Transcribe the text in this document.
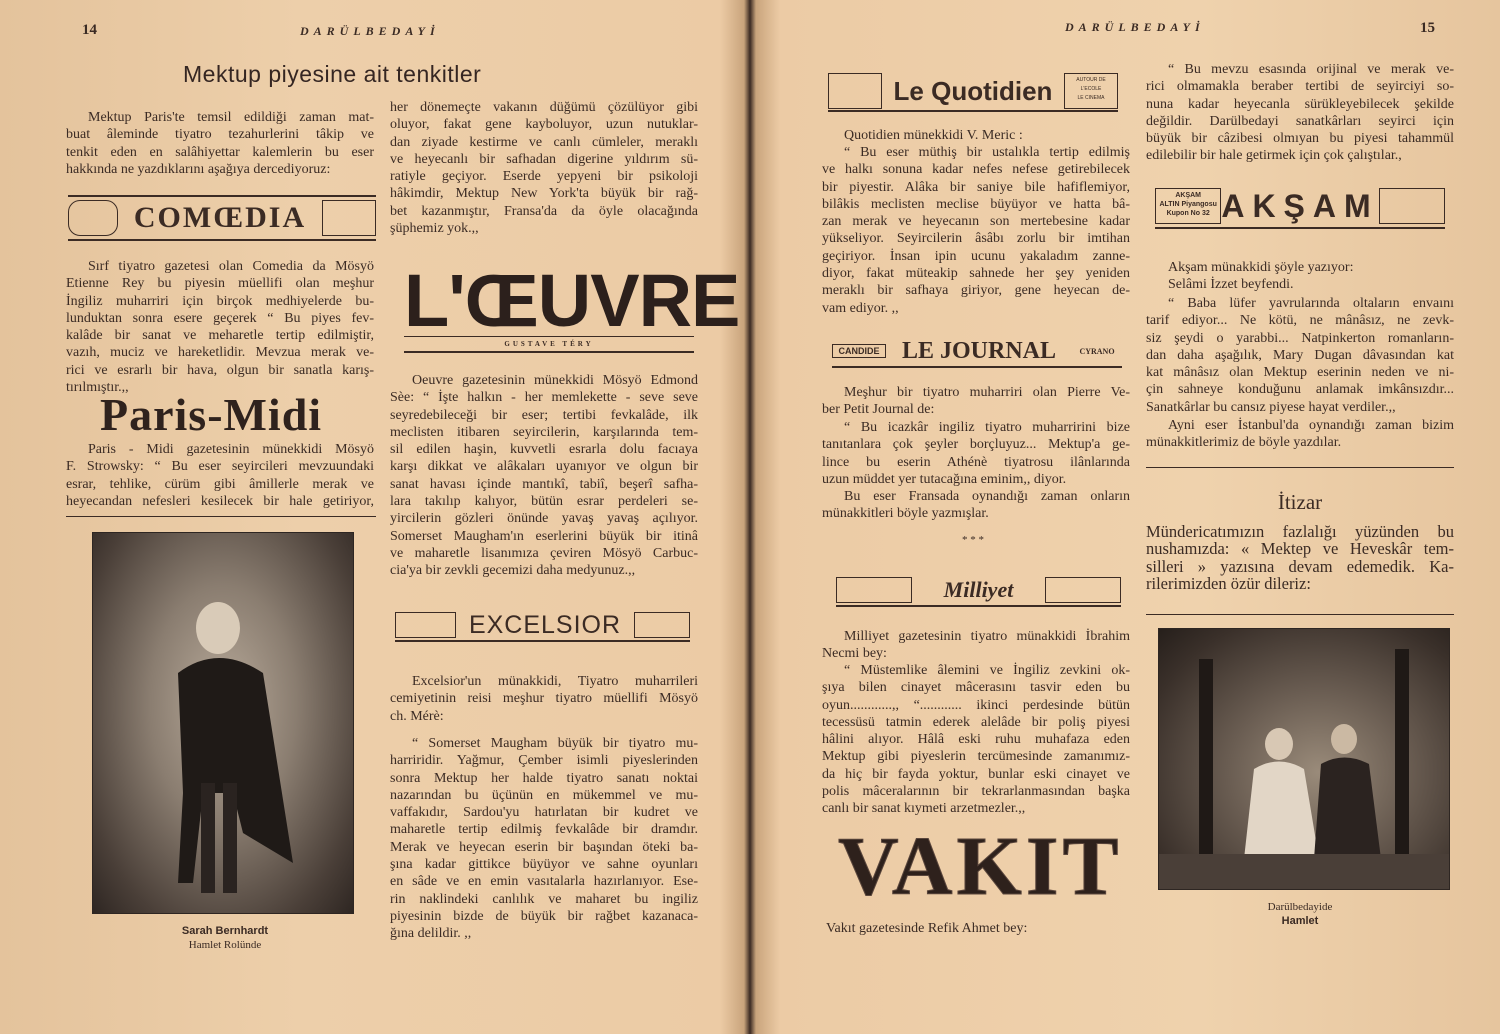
14	DARÜLBEDAYİ
Mektup piyesine ait tenkitler
Mektup Paris'te temsil edildiği zaman mat-
buat âleminde tiyatro tezahurlerini tâkip ve
tenkit eden en salâhiyettar kalemlerin bu eser
hakkında ne yazdıklarını aşağıya dercediyoruz:
COMŒDIA
Sırf tiyatro gazetesi olan Comedia da Mösyö
Etienne Rey bu piyesin müellifi olan meşhur
İngiliz muharriri için birçok medhiyelerde bu-
lunduktan sonra esere geçerek “ Bu piyes fev-
kalâde bir sanat ve meharetle tertip edilmiştir,
vazıh, muciz ve hareketlidir. Mevzua merak ve-
rici ve esrarlı bir hava, olgun bir sanatla karış-
tırılmıştır.,,
Paris-Midi
Paris - Midi gazetesinin münekkidi Mösyö
F. Strowsky: “ Bu eser seyircileri mevzuundaki
esrar, tehlike, cürüm gibi âmillerle merak ve
heyecandan nefesleri kesilecek bir hale getiriyor,
Sarah Bernhardt
Hamlet Rolünde
her dönemeçte vakanın düğümü çözülüyor gibi
oluyor, fakat gene kayboluyor, uzun nutuklar-
dan ziyade kestirme ve canlı cümleler, meraklı
ve heyecanlı bir safhadan digerine yıldırım sü-
ratiyle geçiyor. Eserde yepyeni bir psikoloji
hâkimdir, Mektup New York'ta büyük bir rağ-
bet kazanmıştır, Fransa'da da öyle olacağında
şüphemiz yok.,,
L'ŒUVRE
GUSTAVE TÉRY
Oeuvre gazetesinin münekkidi Mösyö Edmond
Sèe: “ İşte halkın - her memlekette - seve seve
seyredebileceği bir eser; tertibi fevkalâde, ilk
meclisten itibaren seyircilerin, karşılarında tem-
sil edilen haşin, kuvvetli esrarla dolu facıaya
karşı dikkat ve alâkaları uyanıyor ve olgun bir
sanat havası içinde mantıkî, tabiî, beşerî safha-
lara takılıp kalıyor, bütün esrar perdeleri se-
yircilerin gözleri önünde yavaş yavaş açılıyor.
Somerset Maugham'ın eserlerini büyük bir itinâ
ve maharetle lisanımıza çeviren Mösyö Carbuc-
cia'ya bir zevkli gecemizi daha medyunuz.,,
EXCELSIOR
Excelsior'un münakkidi, Tiyatro muharrileri
cemiyetinin reisi meşhur tiyatro müellifi Mösyö
ch. Mérè:
“ Somerset Maugham büyük bir tiyatro mu-
harriridir. Yağmur, Çember isimli piyeslerinden
sonra Mektup her halde tiyatro sanatı noktai
nazarından bu üçünün en mükemmel ve mu-
vaffakıdır, Sardou'yu hatırlatan bir kudret ve
maharetle tertip edilmiş fevkalâde bir dramdır.
Merak ve heyecan eserin bir başından öteki ba-
şına kadar gittikce büyüyor ve sahne oyunları
en sâde ve en emin vasıtalarla hazırlanıyor. Ese-
rin naklindeki canlılık ve maharet bu ingiliz
piyesinin bizde de büyük bir rağbet kazanaca-
ğına delildir. ,,
DARÜLBEDAYİ	15
Le Quotidien	AUTOUR DE L'ECOLE
LE CINEMA
Quotidien münekkidi V. Meric :
“ Bu eser müthiş bir ustalıkla tertip edilmiş
ve halkı sonuna kadar nefes nefese getirebilecek
bir piyestir. Alâka bir saniye bile hafiflemiyor,
bilâkis meclisten meclise büyüyor ve hatta bâ-
zan merak ve heyecanın son mertebesine kadar
yükseliyor. Seyircilerin âsâbı zorlu bir imtihan
geçiriyor. İnsan ipin ucunu yakaladım zanne-
diyor, fakat müteakip sahnede her şey yeniden
meraklı bir safhaya giriyor, gene heyecan de-
vam ediyor. ,,
CANDIDE LE JOURNAL	CYRANO
Meşhur bir tiyatro muharriri olan Pierre Ve-
ber Petit Journal de:
“ Bu icazkâr ingiliz tiyatro muharririni bize
tanıtanlara çok şeyler borçluyuz... Mektup'a ge-
lince bu eserin Athénè tiyatrosu ilânlarında
uzun müddet yer tutacağına eminim,, diyor.
Bu eser Fransada oynandığı zaman onların
münakkitleri böyle yazmışlar.
* * *
Milliyet
Milliyet gazetesinin tiyatro münakkidi İbrahim
Necmi bey:
“ Müstemlike âlemini ve İngiliz zevkini ok-
şıya bilen cinayet mâcerasını tasvir eden bu
oyun............,, “............ ikinci perdesinde bütün
tecessüsü tatmin ederek alelâde bir poliş piyesi
hâlini alıyor. Hâlâ eski ruhu muhafaza eden
Mektup gibi piyeslerin tercümesinde zamanımız-
da hiç bir fayda yoktur, bunlar eski cinayet ve
polis mâceralarının bir tekrarlanmasından başka
canlı bir sanat kıymeti arzetmezler.,,
VAKIT
Vakıt gazetesinde Refik Ahmet bey:
“ Bu mevzu esasında orijinal ve merak ve-
rici olmamakla beraber tertibi de seyirciyi so-
nuna kadar heyecanla sürükleyebilecek şekilde
değildir. Darülbedayi sanatkârları seyirci için
büyük bir câzibesi olmıyan bu piyesi tahammül
edilebilir bir hale getirmek için çok çalıştılar.,
AKŞAM
ALTIN Piyangosu
Kupon No 32 AKŞAM
Akşam münakkidi şöyle yazıyor:
Selâmi İzzet beyfendi.
“ Baba lüfer yavrularında oltaların envaını
tarif ediyor... Ne kötü, ne mânâsız, ne zevk-
siz şeydi o yarabbi... Natpinkerton romanların-
dan daha aşağılık, Mary Dugan dâvasından kat
kat mânâsız olan Mektup eserinin neden ve ni-
çin sahneye konduğunu anlamak imkânsızdır...
Sanatkârlar bu cansız piyese hayat verdiler.,,
Ayni eser İstanbul'da oynandığı zaman bizim
münakkitlerimiz de böyle yazdılar.
İtizar
Münderіcatımızın fazlalığı yüzünden bu
nushamızda: « Mektep ve Heveskâr tem-
silleri » yazısına devam edemedik. Ka-
rilerimizden özür dileriz:
Darülbedayide
Hamlet
